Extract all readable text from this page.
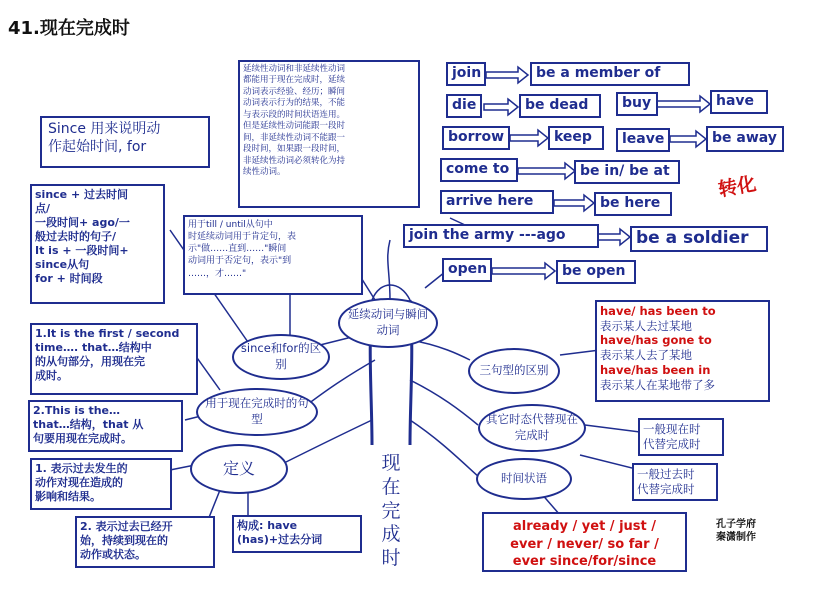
41.现在完成时
延续性动词和非延续性动词
都能用于现在完成时，延续
动词表示经验、经历；瞬间
动词表示行为的结果，不能
与表示段的时间状语连用。
但是延续性动词能跟一段时
间，非延续性动词不能跟一
段时间，如果跟一段时间，
非延续性动词必须转化为持
续性动词。
用于till / until从句中
时延续动词用于肯定句，表
示"做……直到……"瞬间
动词用于否定句，表示"到
……，才……"
Since 用来说明动
作起始时间, for
since + 过去时间
点/
一段时间+ ago/一
般过去时的句子/
It is + 一段时间+
since从句
for + 时间段
1.It is the first / second
time…. that…结构中
的从句部分，用现在完
成时。
2.This is the…
that…结构，that 从
句要用现在完成时。
1. 表示过去发生的
动作对现在造成的
影响和结果。
2. 表示过去已经开
始，持续到现在的
动作或状态。
构成: have
(has)+过去分词
have/ has been to
表示某人去过某地
have/has gone to
表示某人去了某地
have/has been in
表示某人在某地带了多
一般现在时
代替完成时
一般过去时
代替完成时
already / yet / just /
ever / never/ so far /
ever since/for/since
join	be a member of
die	be dead	buy	have
borrow	keep	leave	be away
come to	be in/ be at
arrive here	be here
join the army ---ago	be a soldier
open	be open
转化
延续动词与瞬间动词
since和for的区别
用于现在完成时的句型
定义
三句型的区别
其它时态代替现在完成时
时间状语
现
在
完
成
时
孔子学府
秦潇制作
